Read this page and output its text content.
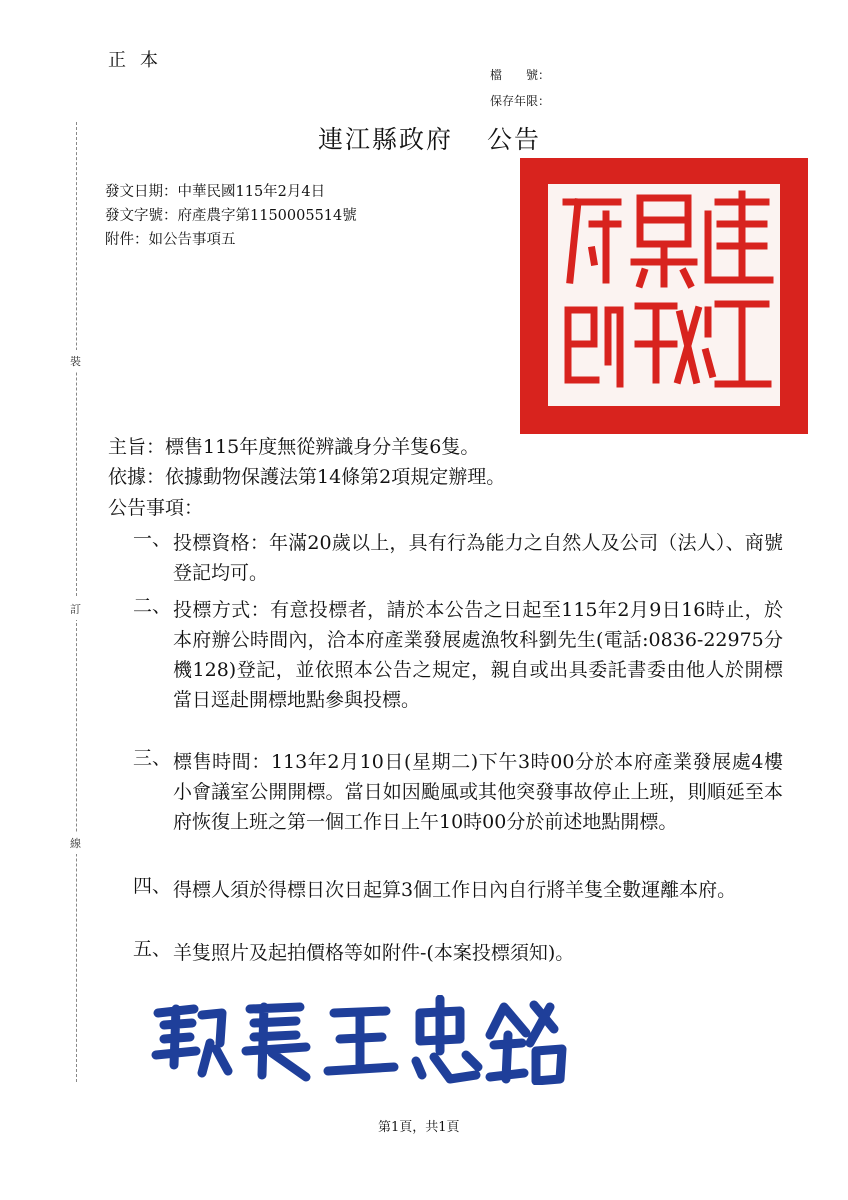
正本
檔　　號：
保存年限：
裝
訂
線
連江縣政府 公告
發文日期：中華民國115年2月4日
發文字號：府產農字第1150005514號
附件：如公告事項五
主旨：標售115年度無從辨識身分羊隻6隻。
依據：依據動物保護法第14條第2項規定辦理。
公告事項：
一、 投標資格：年滿20歲以上，具有行為能力之自然人及公司（法人）、商號登記均可。
二、 投標方式：有意投標者，請於本公告之日起至115年2月9日16時止，於本府辦公時間內，洽本府產業發展處漁牧科劉先生(電話:0836-22975分機128)登記，並依照本公告之規定，親自或出具委託書委由他人於開標當日逕赴開標地點參與投標。
三、 標售時間：113年2月10日(星期二)下午3時00分於本府產業發展處4樓小會議室公開開標。當日如因颱風或其他突發事故停止上班，則順延至本府恢復上班之第一個工作日上午10時00分於前述地點開標。
四、 得標人須於得標日次日起算3個工作日內自行將羊隻全數運離本府。
五、 羊隻照片及起拍價格等如附件-(本案投標須知)。
第1頁，共1頁
